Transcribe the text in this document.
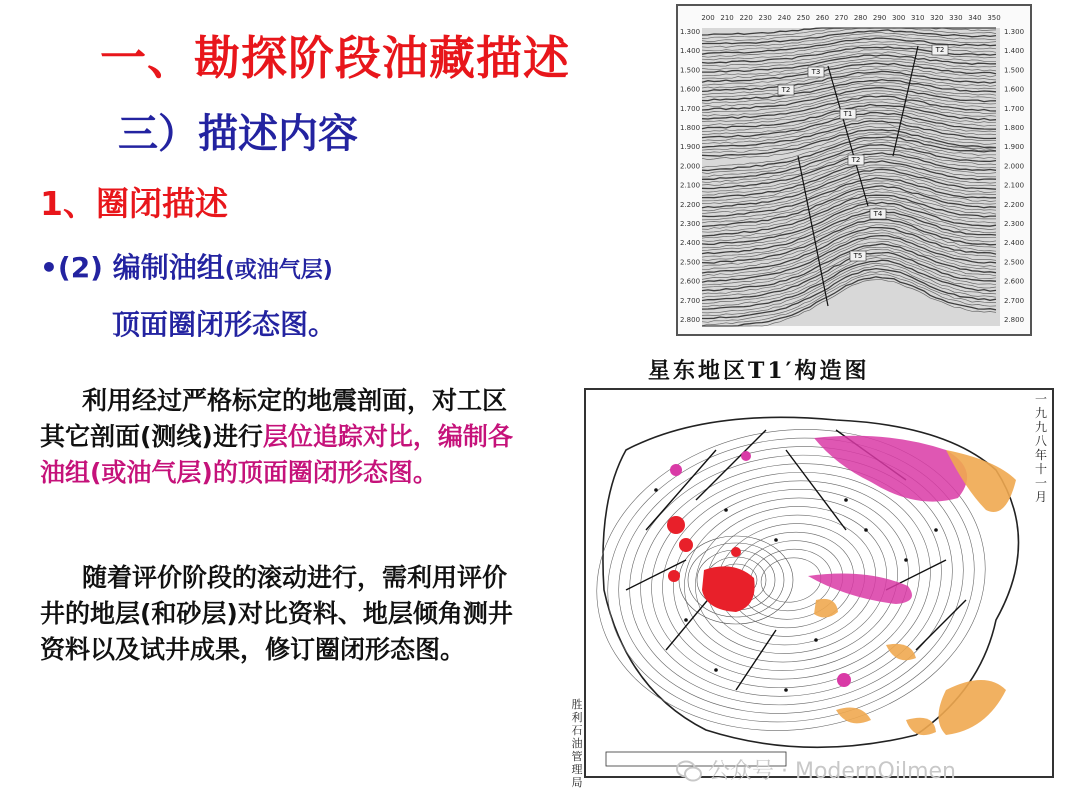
一、勘探阶段油藏描述
三）描述内容
1、圈闭描述
•(2) 编制油组(或油气层)
顶面圈闭形态图。
利用经过严格标定的地震剖面，对工区其它剖面(测线)进行层位追踪对比，编制各油组(或油气层)的顶面圈闭形态图。
随着评价阶段的滚动进行，需利用评价井的地层(和砂层)对比资料、地层倾角测井资料以及试井成果，修订圈闭形态图。
200 210 220 230 240 250 260 270 280 290 300 310 320 330 340 350
1.300	1.300
1.400	1.400
1.500	1.500
1.600	1.600
1.700	1.700
1.800	1.800
1.900	1.900
2.000	2.000
2.100	2.100
2.200	2.200
2.300	2.300
2.400	2.400
2.500	2.500
2.600	2.600
2.700	2.700
2.800	2.800
T2
T2
T3
T1
T4
T5
T2
星东地区T1′构造图
一
九
九
八
年
十
一
月
胜
利
石
油
管
理
局	公众号 · ModernOilmen
